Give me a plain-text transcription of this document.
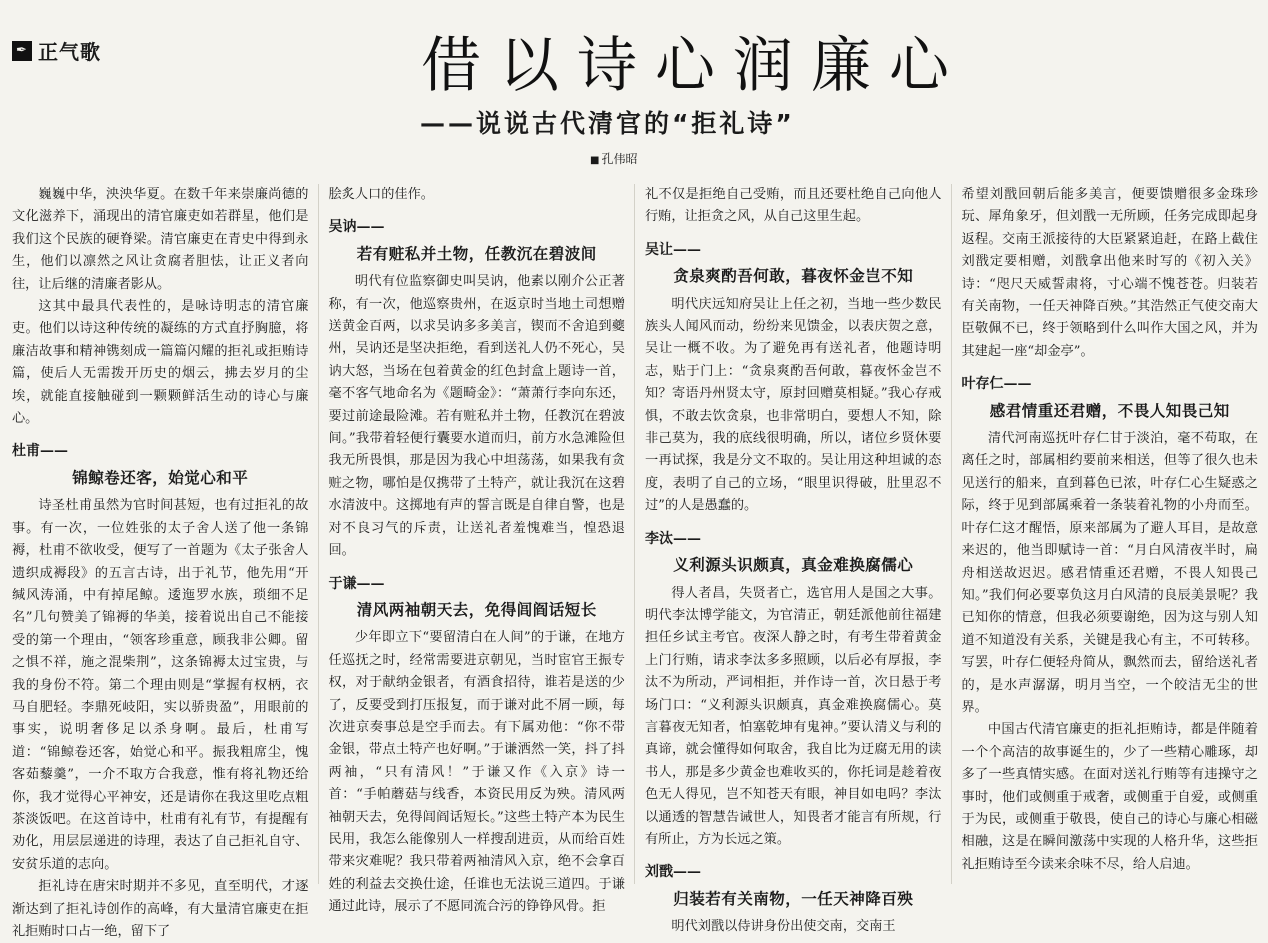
✒ 正气歌	借以诗心润廉心
——说说古代清官的“拒礼诗”
■ 孔伟昭

巍巍中华，泱泱华夏。在数千年来崇廉尚德的文化滋养下，涌现出的清官廉吏如若群星，他们是我们这个民族的硬脊梁。清官廉吏在青史中得到永生，他们以凛然之风让贪腐者胆怯，让正义者向往，让后继的清廉者影从。

这其中最具代表性的，是咏诗明志的清官廉吏。他们以诗这种传统的凝练的方式直抒胸臆，将廉洁故事和精神镌刻成一篇篇闪耀的拒礼或拒贿诗篇，使后人无需拨开历史的烟云，拂去岁月的尘埃，就能直接触碰到一颗颗鲜活生动的诗心与廉心。

杜甫 ——
锦鲸卷还客，始觉心和平

诗圣杜甫虽然为官时间甚短，也有过拒礼的故事。有一次，一位姓张的太子舍人送了他一条锦褥，杜甫不欲收受，便写了一首题为《太子张舍人遗织成褥段》的五言古诗，出于礼节，他先用“开缄风涛涌，中有掉尾鲸。逶迤罗水族，琐细不足名”几句赞美了锦褥的华美，接着说出自己不能接受的第一个理由，“领客珍重意，顾我非公卿。留之惧不祥，施之混柴荆”，这条锦褥太过宝贵，与我的身份不符。第二个理由则是“掌握有权柄，衣马自肥轻。李鼎死岐阳，实以骄贵盈”，用眼前的事实，说明奢侈足以杀身啊。最后，杜甫写道：“锦鲸卷还客，始觉心和平。振我粗席尘，愧客茹藜羹”，一介不取方合我意，惟有将礼物还给你，我才觉得心平神安，还是请你在我这里吃点粗茶淡饭吧。在这首诗中，杜甫有礼有节，有提醒有劝化，用层层递进的诗理，表达了自己拒礼自守、安贫乐道的志向。

拒礼诗在唐宋时期并不多见，直至明代，才逐渐达到了拒礼诗创作的高峰，有大量清官廉吏在拒礼拒贿时口占一绝，留下了

脍炙人口的佳作。

吴讷 ——
若有赃私并土物，任教沉在碧波间

明代有位监察御史叫吴讷，他素以刚介公正著称，有一次，他巡察贵州，在返京时当地土司想赠送黄金百两，以求吴讷多多美言，锲而不舍追到夔州，吴讷还是坚决拒绝，看到送礼人仍不死心，吴讷大怒，当场在包着黄金的红色封盒上题诗一首，毫不客气地命名为《题畸金》：“萧萧行李向东还，要过前途最险滩。若有赃私并土物，任教沉在碧波间。”我带着轻便行囊要水道而归，前方水急滩险但我无所畏惧，那是因为我心中坦荡荡，如果我有贪赃之物，哪怕是仅携带了土特产，就让我沉在这碧水清波中。这掷地有声的誓言既是自律自警，也是对不良习气的斥责，让送礼者羞愧难当，惶恐退回。

于谦 ——
清风两袖朝天去，免得闾阎话短长

少年即立下“要留清白在人间”的于谦，在地方任巡抚之时，经常需要进京朝见，当时宦官王振专权，对于献纳金银者，有酒食招待，谁若是送的少了，反要受到打压报复，而于谦对此不屑一顾，每次进京奏事总是空手而去。有下属劝他：“你不带金银，带点土特产也好啊。”于谦洒然一笑，抖了抖两袖，“只有清风！”于谦又作《入京》诗一首：“手帕蘑菇与线香，本资民用反为殃。清风两袖朝天去，免得闾阎话短长。”这些土特产本为民生民用，我怎么能像别人一样搜刮进贡，从而给百姓带来灾难呢？我只带着两袖清风入京，绝不会拿百姓的利益去交换仕途，任谁也无法说三道四。于谦通过此诗，展示了不愿同流合污的铮铮风骨。拒

礼不仅是拒绝自己受贿，而且还要杜绝自己向他人行贿，让拒贪之风，从自己这里生起。

吴让 ——
贪泉爽酌吾何敢，暮夜怀金岂不知

明代庆远知府吴让上任之初，当地一些少数民族头人闻风而动，纷纷来见馈金，以表庆贺之意，吴让一概不收。为了避免再有送礼者，他题诗明志，贴于门上：“贪泉爽酌吾何敢，暮夜怀金岂不知？寄语丹州贤太守，原封回赠莫相疑。”我心存戒惧，不敢去饮贪泉，也非常明白，要想人不知，除非己莫为，我的底线很明确，所以，诸位乡贤休要一再试探，我是分文不取的。吴让用这种坦诚的态度，表明了自己的立场，“眼里识得破，肚里忍不过”的人是愚蠢的。

李汰 ——
义利源头识颇真，真金难换腐儒心

得人者昌，失贤者亡，选官用人是国之大事。明代李汰博学能文，为官清正，朝廷派他前往福建担任乡试主考官。夜深人静之时，有考生带着黄金上门行贿，请求李汰多多照顾，以后必有厚报，李汰不为所动，严词相拒，并作诗一首，次日悬于考场门口：“义利源头识颇真，真金难换腐儒心。莫言暮夜无知者，怕塞乾坤有鬼神。”要认清义与利的真谛，就会懂得如何取舍，我自比为迂腐无用的读书人，那是多少黄金也难收买的，你托词是趁着夜色无人得见，岂不知苍天有眼，神目如电吗？李汰以通透的智慧告诫世人，知畏者才能言有所规，行有所止，方为长远之策。

刘戬 ——
归装若有关南物，一任天神降百殃

明代刘戬以侍讲身份出使交南，交南王

希望刘戬回朝后能多美言，便要馈赠很多金珠珍玩、犀角象牙，但刘戬一无所顾，任务完成即起身返程。交南王派接待的大臣紧紧追赶，在路上截住刘戬定要相赠，刘戬拿出他来时写的《初入关》诗：“咫尺天威誓肃将，寸心端不愧苍苍。归装若有关南物，一任天神降百殃。”其浩然正气使交南大臣敬佩不已，终于领略到什么叫作大国之风，并为其建起一座“却金亭”。

叶存仁 ——
感君情重还君赠，不畏人知畏己知

清代河南巡抚叶存仁甘于淡泊，毫不苟取，在离任之时，部属相约要前来相送，但等了很久也未见送行的船来，直到暮色已浓，叶存仁心生疑惑之际，终于见到部属乘着一条装着礼物的小舟而至。叶存仁这才醒悟，原来部属为了避人耳目，是故意来迟的，他当即赋诗一首：“月白风清夜半时，扁舟相送故迟迟。感君情重还君赠，不畏人知畏己知。”我们何必要辜负这月白风清的良辰美景呢？我已知你的情意，但我必须要谢绝，因为这与别人知道不知道没有关系，关键是我心有主，不可转移。写罢，叶存仁便轻舟简从，飘然而去，留给送礼者的，是水声潺潺，明月当空，一个皎洁无尘的世界。

中国古代清官廉吏的拒礼拒贿诗，都是伴随着一个个高洁的故事诞生的，少了一些精心雕琢，却多了一些真情实感。在面对送礼行贿等有违操守之事时，他们或侧重于戒奢，或侧重于自爱，或侧重于为民，或侧重于敬畏，使自己的诗心与廉心相磁相融，这是在瞬间激荡中实现的人格升华，这些拒礼拒贿诗至今读来余味不尽，给人启迪。
